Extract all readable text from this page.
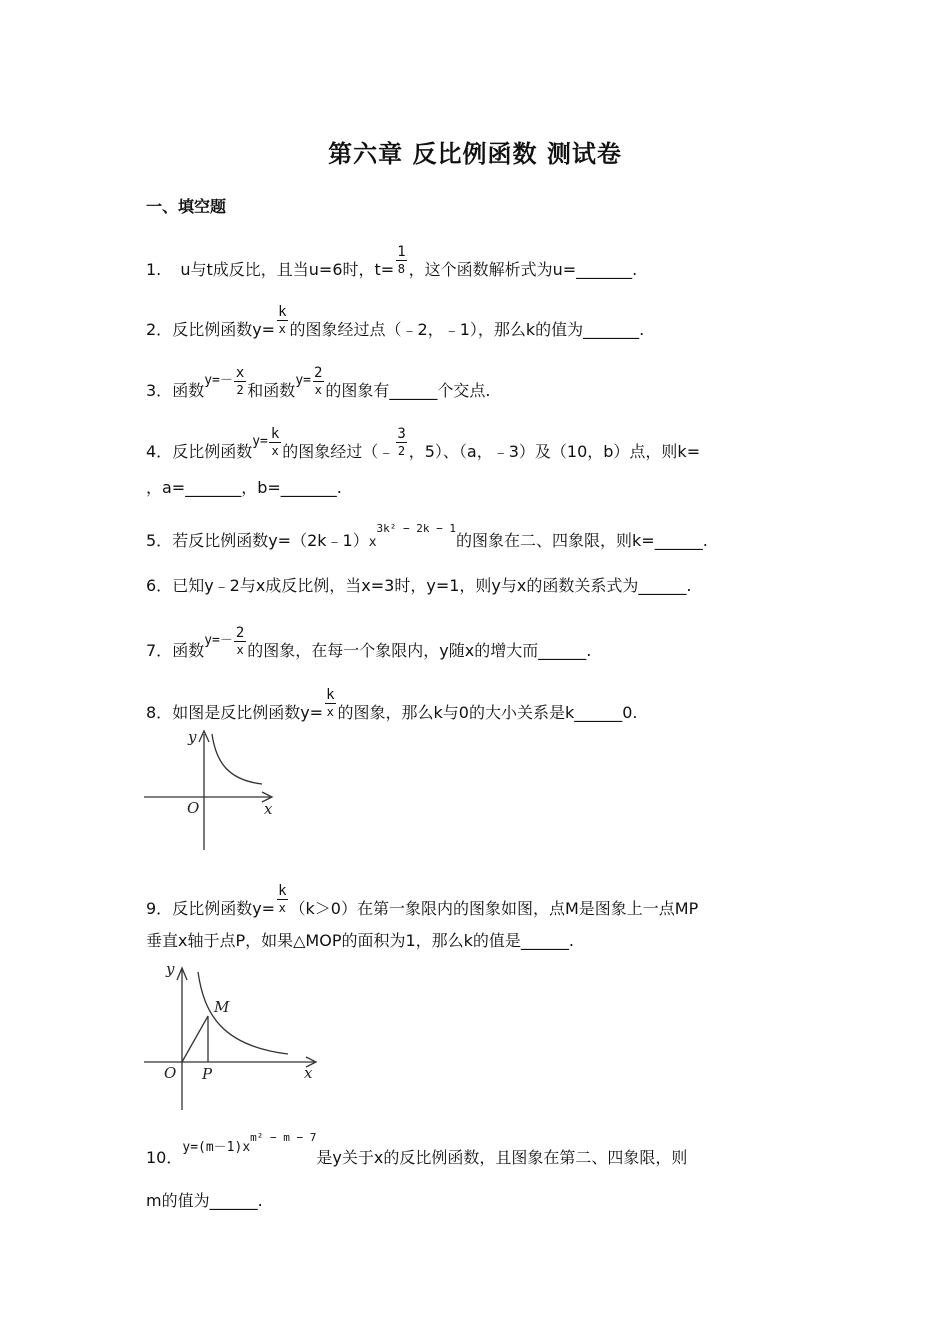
第六章 反比例函数 测试卷
一、填空题
1. u与t成反比，且当u=6时，$t= \frac{1}{8}$ ，这个函数解析式为u=_______.
2．反比例函数$y= \frac{k}{x}$ 的图象经过点（﹣2，﹣1），那么k的值为_______.
3．函数$^{y=-} \frac{x}{2}$ 和函数$^{y=} \frac{2}{x}$ 的图象有______个交点.
4．反比例函数$^{y=} \frac{k}{x}$ 的图象经过（﹣ $\frac{3}{2}$ ，5）、（a，﹣3）及（10，b）点，则k=
，a=_______，b=_______.
5．若反比例函数$y=(2k﹣1)x^{3k^2 - 2k - 1}$的图象在二、四象限，则k=______.
6．已知y﹣2与x成反比例，当x=3时，y=1，则y与x的函数关系式为______.
7．函数$^{y=-} \frac{2}{x}$ 的图象，在每一个象限内，y随x的增大而______.
8．如图是反比例函数$y= \frac{k}{x}$ 的图象，那么k与0的大小关系是k______0.
y
x
O
9．反比例函数$y= \frac{k}{x} (k>0)$在第一象限内的图象如图，点M是图象上一点MP
垂直x轴于点P，如果△MOP的面积为1，那么k的值是______.
y
x
O P
M
10．$^{y=(m-1)xm^2 - m - 7}$是y关于x的反比例函数，且图象在第二、四象限，则
m的值为______.
